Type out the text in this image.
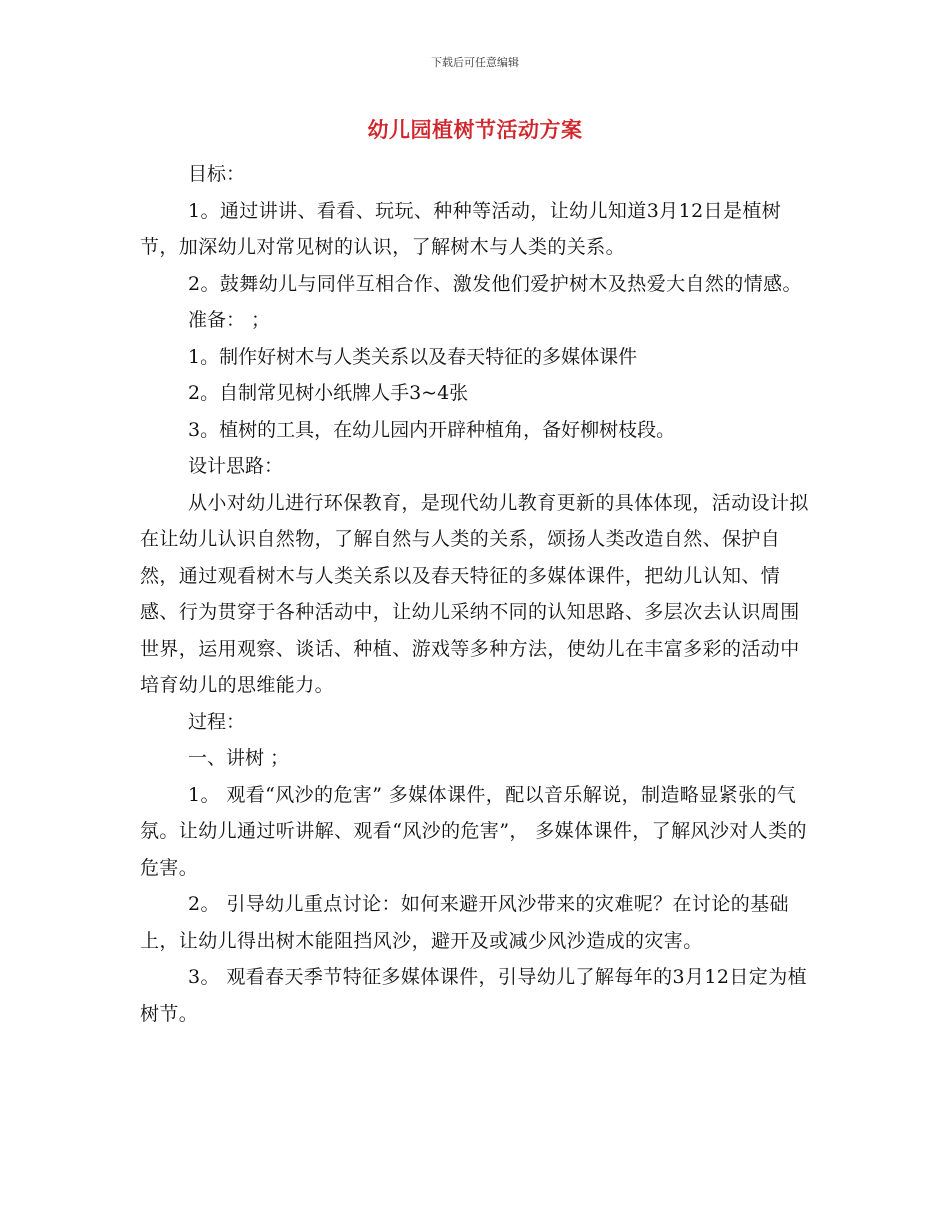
下载后可任意编辑
幼儿园植树节活动方案

目标：

1。通过讲讲、看看、玩玩、种种等活动，让幼儿知道3月12日是植树节，加深幼儿对常见树的认识，了解树木与人类的关系。

2。鼓舞幼儿与同伴互相合作、激发他们爱护树木及热爱大自然的情感。

准备： ；

1。制作好树木与人类关系以及春天特征的多媒体课件

2。自制常见树小纸牌人手3~4张

3。植树的工具，在幼儿园内开辟种植角，备好柳树枝段。

设计思路：

从小对幼儿进行环保教育，是现代幼儿教育更新的具体体现，活动设计拟在让幼儿认识自然物，了解自然与人类的关系，颂扬人类改造自然、保护自然，通过观看树木与人类关系以及春天特征的多媒体课件，把幼儿认知、情感、行为贯穿于各种活动中，让幼儿采纳不同的认知思路、多层次去认识周围世界，运用观察、谈话、种植、游戏等多种方法，使幼儿在丰富多彩的活动中培育幼儿的思维能力。

过程：

一、讲树 ；

1。 观看“风沙的危害” 多媒体课件，配以音乐解说，制造略显紧张的气氛。让幼儿通过听讲解、观看“风沙的危害”， 多媒体课件，了解风沙对人类的危害。

2。 引导幼儿重点讨论：如何来避开风沙带来的灾难呢？在讨论的基础上，让幼儿得出树木能阻挡风沙，避开及或减少风沙造成的灾害。

3。 观看春天季节特征多媒体课件，引导幼儿了解每年的3月12日定为植树节。
